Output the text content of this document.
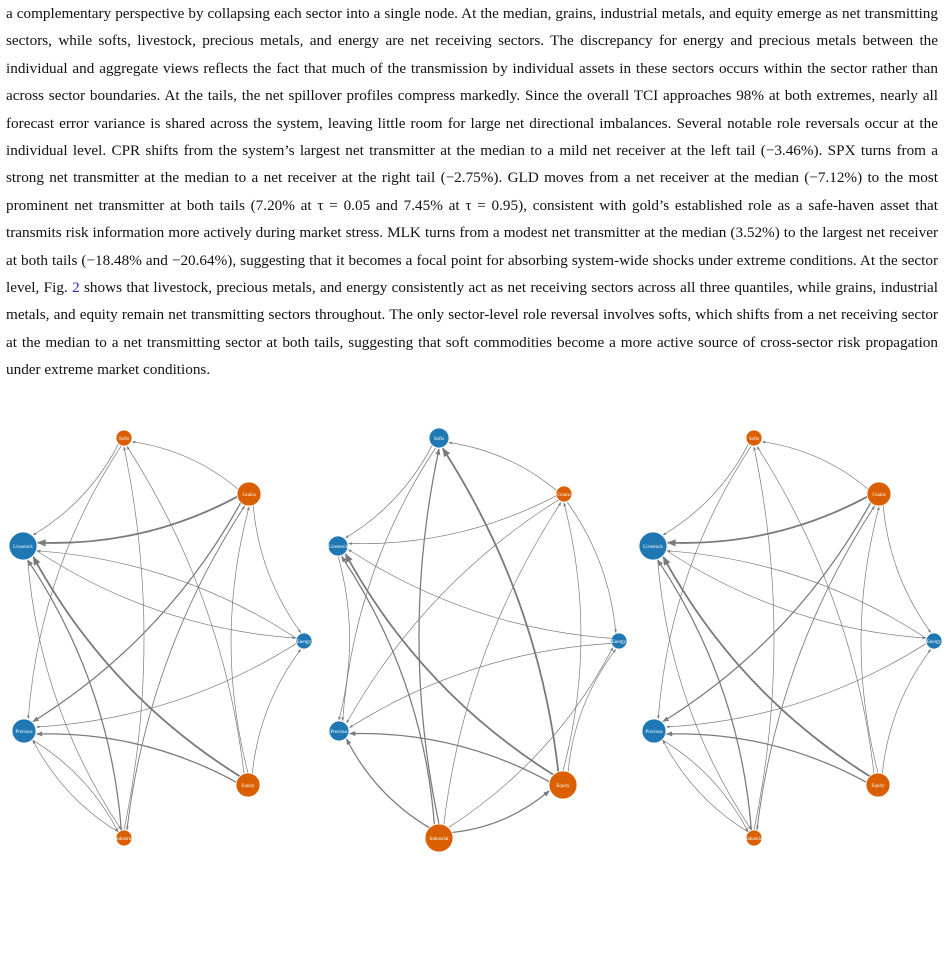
a complementary perspective by collapsing each sector into a single node. At the median, grains, industrial metals, and equity emerge as net transmitting sectors, while softs, livestock, precious metals, and energy are net receiving sectors. The discrepancy for energy and precious metals between the individual and aggregate views reflects the fact that much of the transmission by individual assets in these sectors occurs within the sector rather than across sector boundaries. At the tails, the net spillover profiles compress markedly. Since the overall TCI approaches 98% at both extremes, nearly all forecast error variance is shared across the system, leaving little room for large net directional imbalances. Several notable role reversals occur at the individual level. CPR shifts from the system’s largest net transmitter at the median to a mild net receiver at the left tail (−3.46%). SPX turns from a strong net transmitter at the median to a net receiver at the right tail (−2.75%). GLD moves from a net receiver at the median (−7.12%) to the most prominent net transmitter at both tails (7.20% at τ = 0.05 and 7.45% at τ = 0.95), consistent with gold’s established role as a safe-haven asset that transmits risk information more actively during market stress. MLK turns from a modest net transmitter at the median (3.52%) to the largest net receiver at both tails (−18.48% and −20.64%), suggesting that it becomes a focal point for absorbing system-wide shocks under extreme conditions. At the sector level, Fig. 2 shows that livestock, precious metals, and energy consistently act as net receiving sectors across all three quantiles, while grains, industrial metals, and equity remain net transmitting sectors throughout. The only sector-level role reversal involves softs, which shifts from a net receiving sector at the median to a net transmitting sector at both tails, suggesting that soft commodities become a more active source of cross-sector risk propagation under extreme market conditions.
Softs
Grains
Energy
Equity
Industrial
Precious
Livestock
Softs
Grains
Energy
Equity
Industrial
Precious
Livestock
Softs
Grains
Energy
Equity
Industrial
Precious
Livestock
